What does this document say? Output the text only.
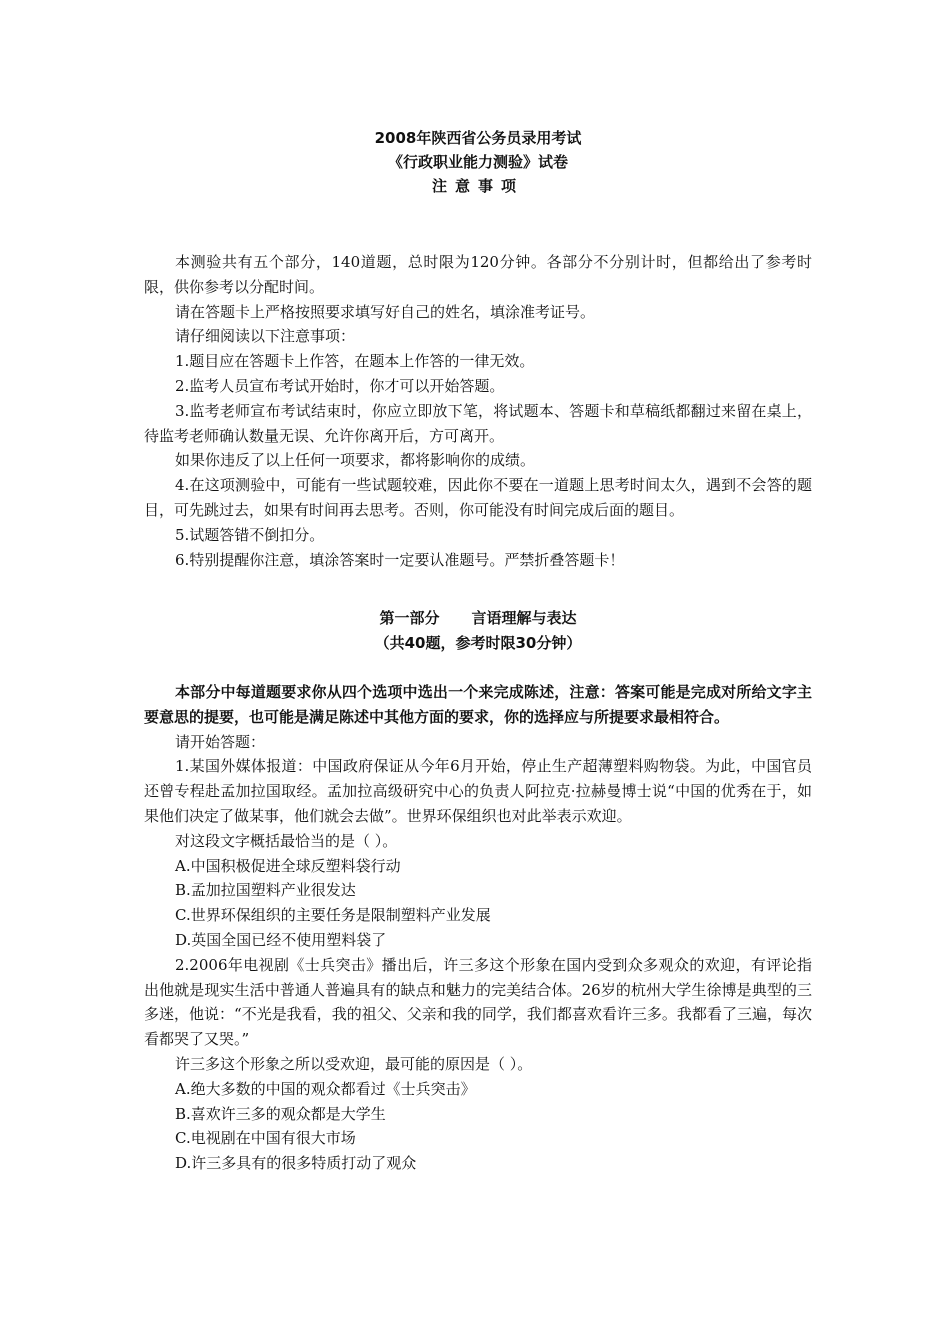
2008年陕西省公务员录用考试

《行政职业能力测验》试卷

注意事项

本测验共有五个部分，140道题，总时限为120分钟。各部分不分别计时，但都给出了参考时限，供你参考以分配时间。

请在答题卡上严格按照要求填写好自己的姓名，填涂准考证号。

请仔细阅读以下注意事项：

1.题目应在答题卡上作答，在题本上作答的一律无效。

2.监考人员宣布考试开始时，你才可以开始答题。

3.监考老师宣布考试结束时，你应立即放下笔，将试题本、答题卡和草稿纸都翻过来留在桌上，待监考老师确认数量无误、允许你离开后，方可离开。

如果你违反了以上任何一项要求，都将影响你的成绩。

4.在这项测验中，可能有一些试题较难，因此你不要在一道题上思考时间太久，遇到不会答的题目，可先跳过去，如果有时间再去思考。否则，你可能没有时间完成后面的题目。

5.试题答错不倒扣分。

6.特别提醒你注意，填涂答案时一定要认准题号。严禁折叠答题卡！

第一部分 言语理解与表达

（共40题，参考时限30分钟）

本部分中每道题要求你从四个选项中选出一个来完成陈述，注意：答案可能是完成对所给文字主要意思的提要，也可能是满足陈述中其他方面的要求，你的选择应与所提要求最相符合。

请开始答题：

1.某国外媒体报道：中国政府保证从今年6月开始，停止生产超薄塑料购物袋。为此，中国官员还曾专程赴孟加拉国取经。孟加拉高级研究中心的负责人阿拉克·拉赫曼博士说“中国的优秀在于，如果他们决定了做某事，他们就会去做”。世界环保组织也对此举表示欢迎。

对这段文字概括最恰当的是（ ）。

A.中国积极促进全球反塑料袋行动

B.孟加拉国塑料产业很发达

C.世界环保组织的主要任务是限制塑料产业发展

D.英国全国已经不使用塑料袋了

2.2006年电视剧《士兵突击》播出后，许三多这个形象在国内受到众多观众的欢迎，有评论指出他就是现实生活中普通人普遍具有的缺点和魅力的完美结合体。26岁的杭州大学生徐博是典型的三多迷，他说：“不光是我看，我的祖父、父亲和我的同学，我们都喜欢看许三多。我都看了三遍，每次看都哭了又哭。”

许三多这个形象之所以受欢迎，最可能的原因是（ ）。

A.绝大多数的中国的观众都看过《士兵突击》

B.喜欢许三多的观众都是大学生

C.电视剧在中国有很大市场

D.许三多具有的很多特质打动了观众
